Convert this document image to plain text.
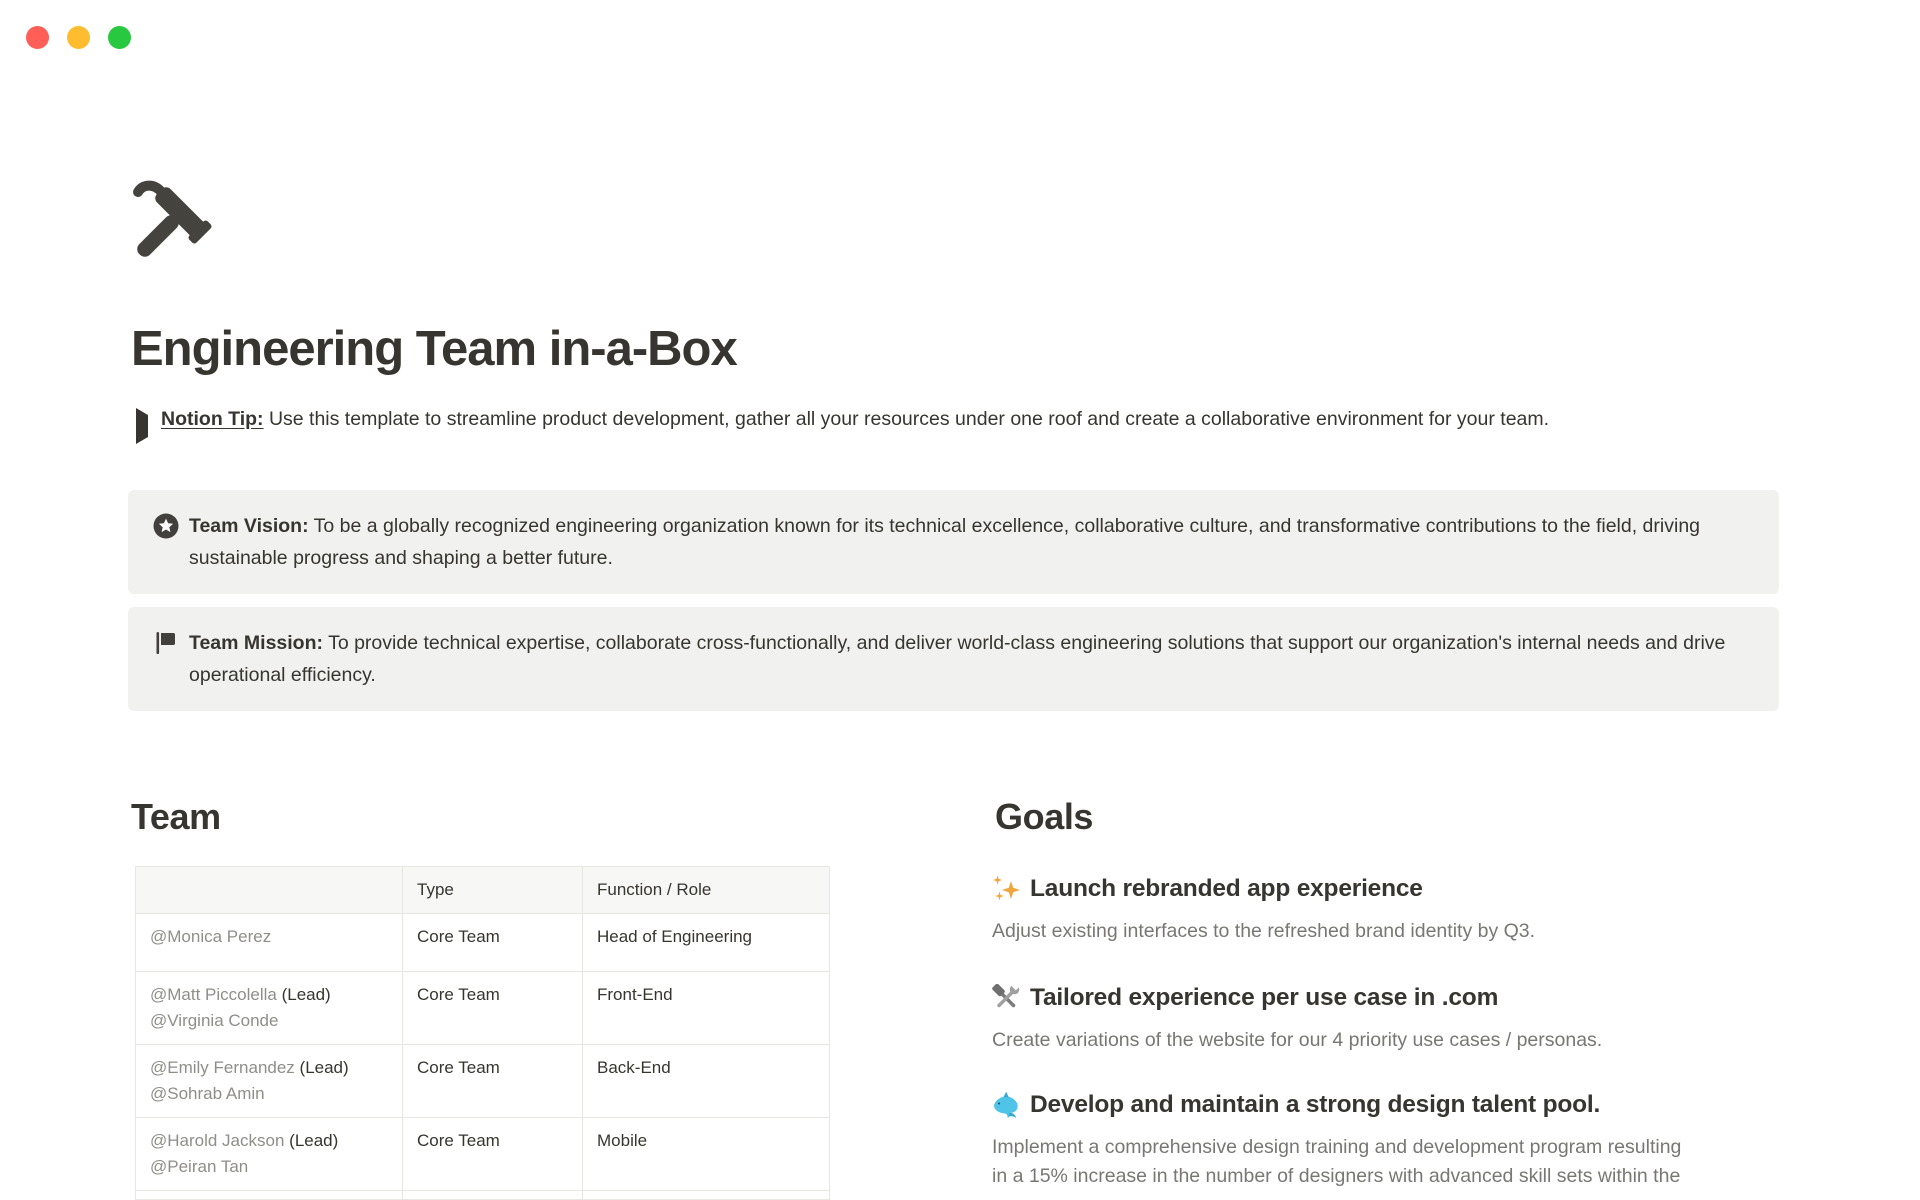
Engineering Team in-a-Box

Notion Tip: Use this template to streamline product development, gather all your resources under one roof and create a collaborative environment for your team.

Team Vision: To be a globally recognized engineering organization known for its technical excellence, collaborative culture, and transformative contributions to the field, driving sustainable progress and shaping a better future.

Team Mission: To provide technical expertise, collaborate cross-functionally, and deliver world-class engineering solutions that support our organization's internal needs and drive operational efficiency.

Team
	Type	Function / Role

@Monica Perez	Core Team	Head of Engineering

@Matt Piccolella (Lead)
@Virginia Conde	Core Team	Front-End

@Emily Fernandez (Lead)
@Sohrab Amin	Core Team	Back-End

@Harold Jackson (Lead)
@Peiran Tan	Core Team	Mobile

Goals
Launch rebranded app experience

Adjust existing interfaces to the refreshed brand identity by Q3.

Tailored experience per use case in .com

Create variations of the website for our 4 priority use cases / personas.

Develop and maintain a strong design talent pool.

Implement a comprehensive design training and development program resulting in a 15% increase in the number of designers with advanced skill sets within the
